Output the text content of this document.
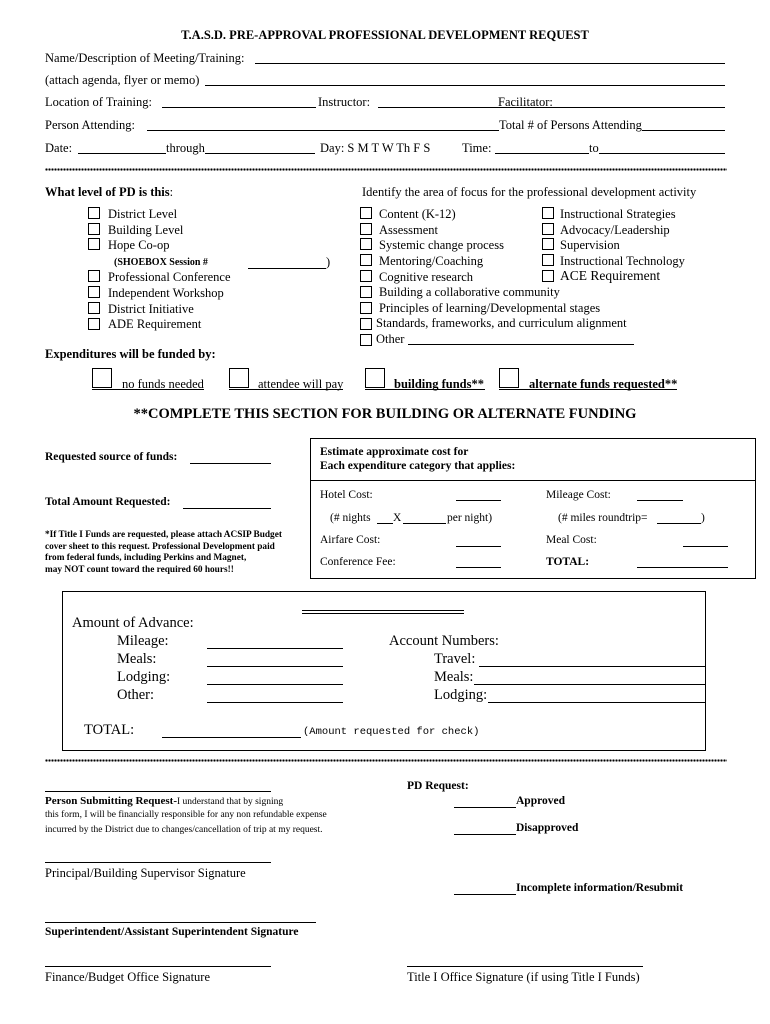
T.A.S.D. PRE-APPROVAL PROFESSIONAL DEVELOPMENT REQUEST
Name/Description of Meeting/Training:
(attach agenda, flyer or memo)
Location of Training:	Instructor:	Facilitator:
Person Attending:	Total # of Persons Attending
Date:	through	Day: S M T W Th F S	Time:	to
What level of PD is this:
District Level
Building Level
Hope Co-op
(SHOEBOX Session #	)
Professional Conference
Independent Workshop
District Initiative
ADE Requirement
Identify the area of focus for the professional development activity
Content (K-12)
Assessment
Systemic change process
Mentoring/Coaching
Cognitive research
Building a collaborative community
Principles of learning/Developmental stages
Standards, frameworks, and curriculum alignment
Other
Instructional Strategies
Advocacy/Leadership
Supervision
Instructional Technology
ACE Requirement
Expenditures will be funded by:
no funds needed	attendee will pay	building funds**	alternate funds requested**
**COMPLETE THIS SECTION FOR BUILDING OR ALTERNATE FUNDING
Requested source of funds:
Total Amount Requested:
*If Title I Funds are requested, please attach ACSIP Budget
cover sheet to this request. Professional Development paid
from federal funds, including Perkins and Magnet,
may NOT count toward the required 60 hours!!
Estimate approximate cost for
Each expenditure category that applies:
Hotel Cost:	Mileage Cost:
(# nights X	per night)	(# miles roundtrip=	)
Airfare Cost:	Meal Cost:
Conference Fee:	TOTAL:
Amount of Advance:
Mileage:
Meals:
Lodging:
Other:
Account Numbers:
Travel:
Meals:
Lodging:
TOTAL:	(Amount requested for check)
Person Submitting Request-I understand that by signing
this form, I will be financially responsible for any non refundable expense
incurred by the District due to changes/cancellation of trip at my request.
Principal/Building Supervisor Signature
Superintendent/Assistant Superintendent Signature
Finance/Budget Office Signature
PD Request:
Approved
Disapproved
Incomplete information/Resubmit
Title I Office Signature (if using Title I Funds)
